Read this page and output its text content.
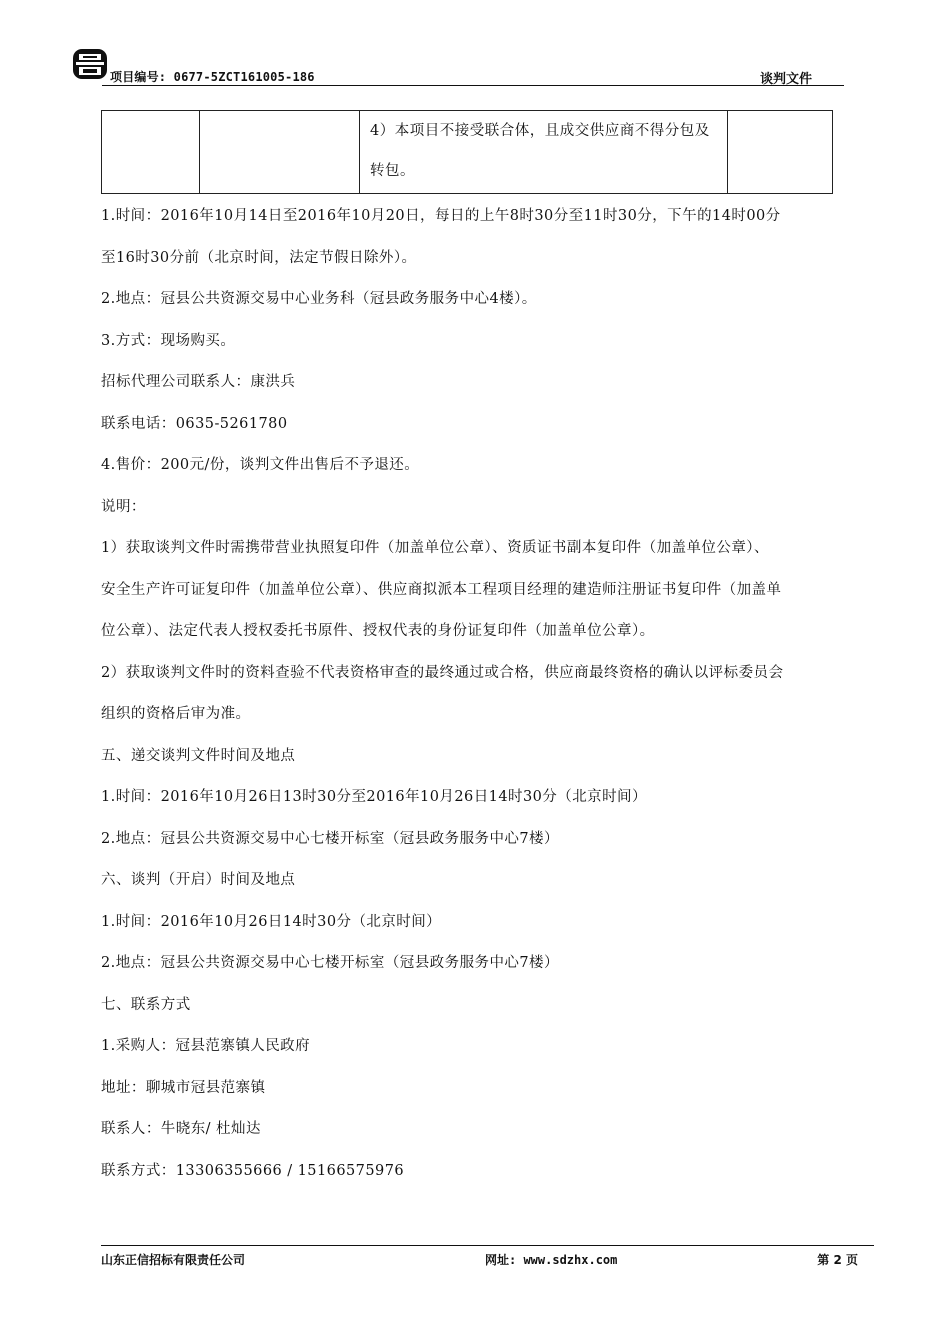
项目编号: 0677-5ZCT161005-186	谈判文件

4）本项目不接受联合体，且成交供应商不得分包及转包。

1.时间：2016年10月14日至2016年10月20日，每日的上午8时30分至11时30分，下午的14时00分

至16时30分前（北京时间，法定节假日除外）。

2.地点：冠县公共资源交易中心业务科（冠县政务服务中心4楼）。

3.方式：现场购买。

招标代理公司联系人：康洪兵

联系电话：0635-5261780

4.售价：200元/份，谈判文件出售后不予退还。

说明：

1）获取谈判文件时需携带营业执照复印件（加盖单位公章）、资质证书副本复印件（加盖单位公章）、

安全生产许可证复印件（加盖单位公章）、供应商拟派本工程项目经理的建造师注册证书复印件（加盖单

位公章）、法定代表人授权委托书原件、授权代表的身份证复印件（加盖单位公章）。

2）获取谈判文件时的资料查验不代表资格审查的最终通过或合格，供应商最终资格的确认以评标委员会

组织的资格后审为准。

五、递交谈判文件时间及地点

1.时间：2016年10月26日13时30分至2016年10月26日14时30分（北京时间）

2.地点：冠县公共资源交易中心七楼开标室（冠县政务服务中心7楼）

六、谈判（开启）时间及地点

1.时间：2016年10月26日14时30分（北京时间）

2.地点：冠县公共资源交易中心七楼开标室（冠县政务服务中心7楼）

七、联系方式

1.采购人：冠县范寨镇人民政府

地址：聊城市冠县范寨镇

联系人：牛晓东/ 杜灿达

联系方式：13306355666 / 15166575976

山东正信招标有限责任公司	网址: www.sdzhx.com	第 2 页
